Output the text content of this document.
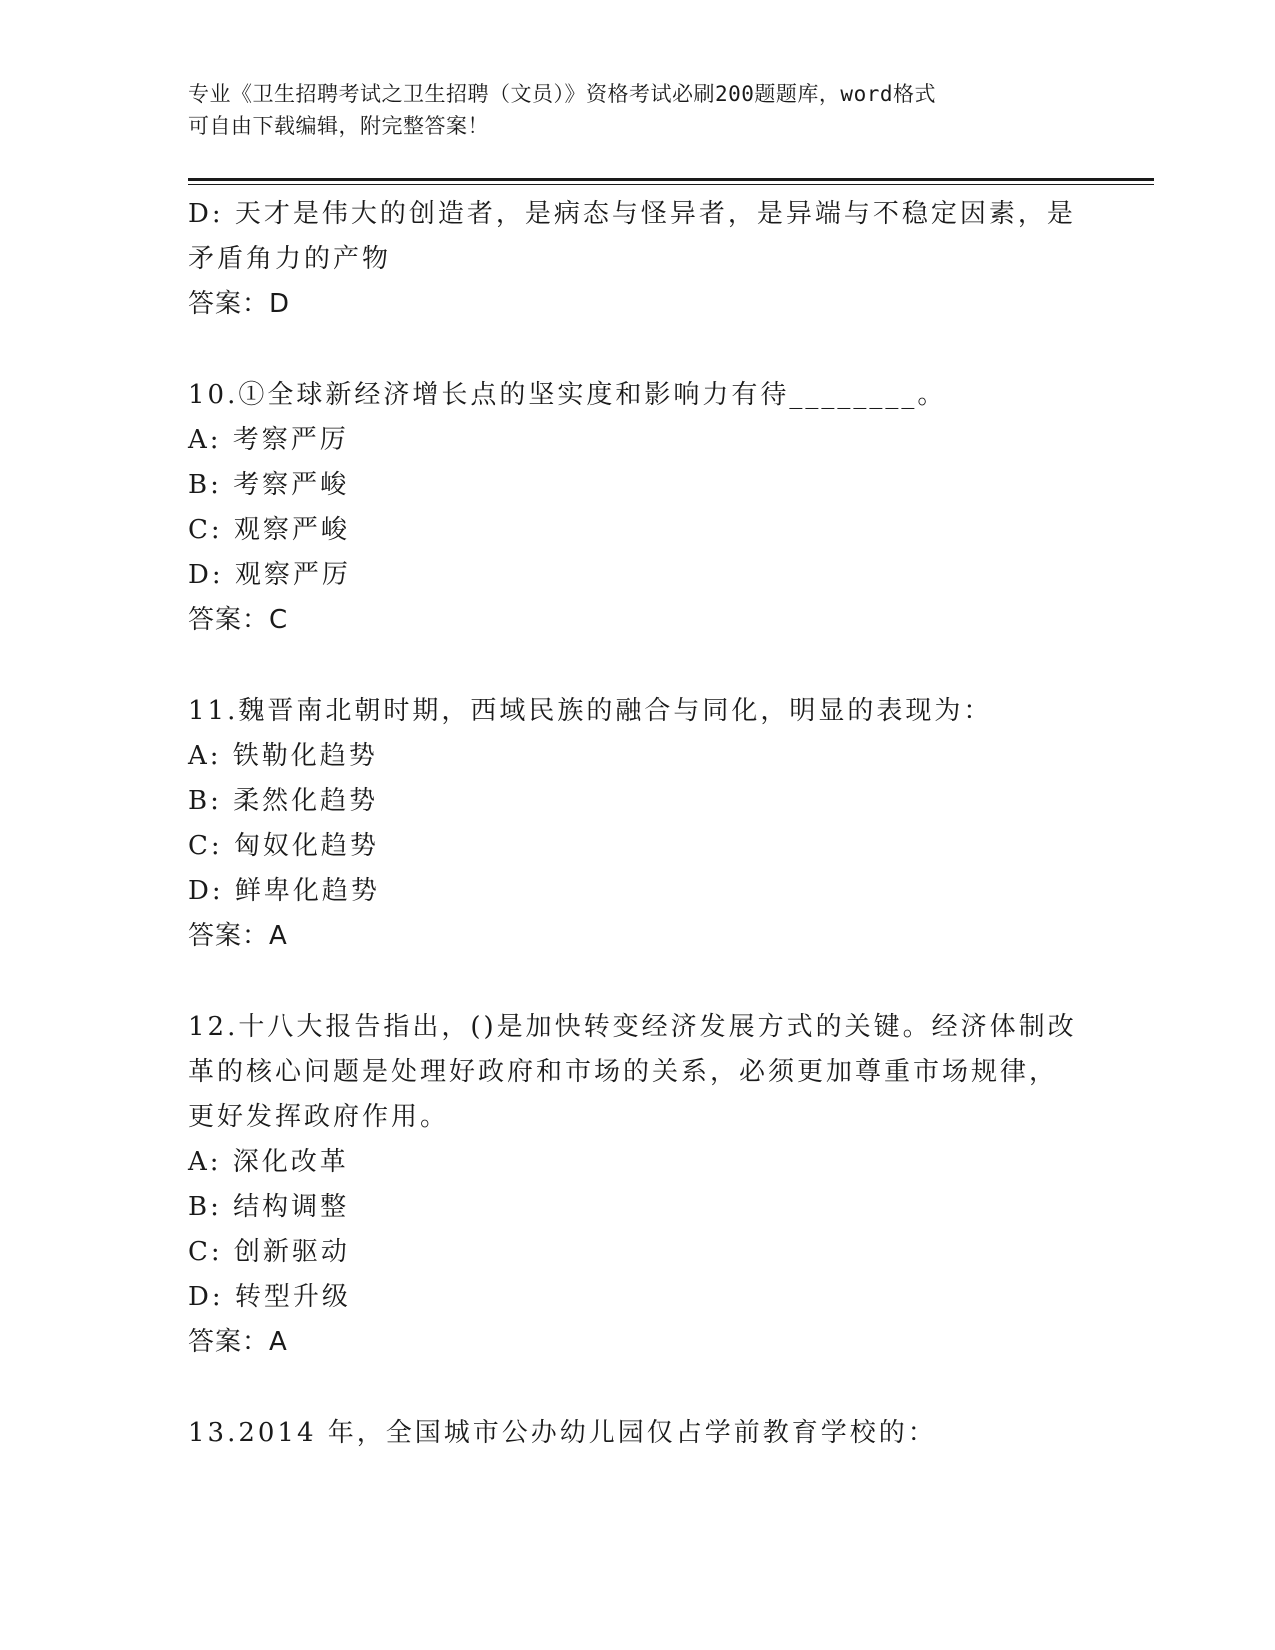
专业《卫生招聘考试之卫生招聘（文员）》资格考试必刷200题题库，word格式
可自由下载编辑，附完整答案！
D: 天才是伟大的创造者，是病态与怪异者，是异端与不稳定因素，是
矛盾角力的产物
答案：D
10.①全球新经济增长点的坚实度和影响力有待________。
A: 考察严厉
B: 考察严峻
C: 观察严峻
D: 观察严厉
答案：C
11.魏晋南北朝时期，西域民族的融合与同化，明显的表现为：
A: 铁勒化趋势
B: 柔然化趋势
C: 匈奴化趋势
D: 鲜卑化趋势
答案：A
12.十八大报告指出，()是加快转变经济发展方式的关键。经济体制改
革的核心问题是处理好政府和市场的关系，必须更加尊重市场规律，
更好发挥政府作用。
A: 深化改革
B: 结构调整
C: 创新驱动
D: 转型升级
答案：A
13.2014 年，全国城市公办幼儿园仅占学前教育学校的：
